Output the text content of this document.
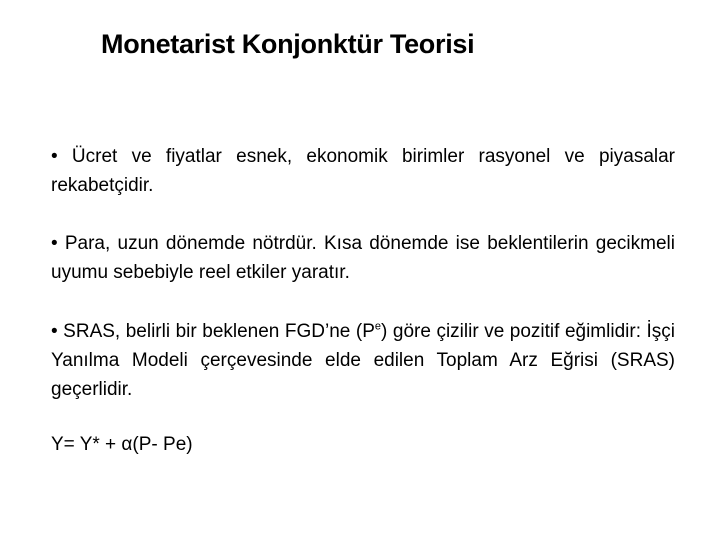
Monetarist Konjonktür Teorisi

• Ücret ve fiyatlar esnek, ekonomik birimler rasyonel ve piyasalar rekabetçidir.

• Para, uzun dönemde nötrdür. Kısa dönemde ise beklentilerin gecikmeli uyumu sebebiyle reel etkiler yaratır.

• SRAS, belirli bir beklenen FGD’ne $(P^e)$ göre çizilir ve pozitif eğimlidir: İşçi Yanılma Modeli çerçevesinde elde edilen Toplam Arz Eğrisi (SRAS) geçerlidir.

Y= Y* + α(P- Pe)
